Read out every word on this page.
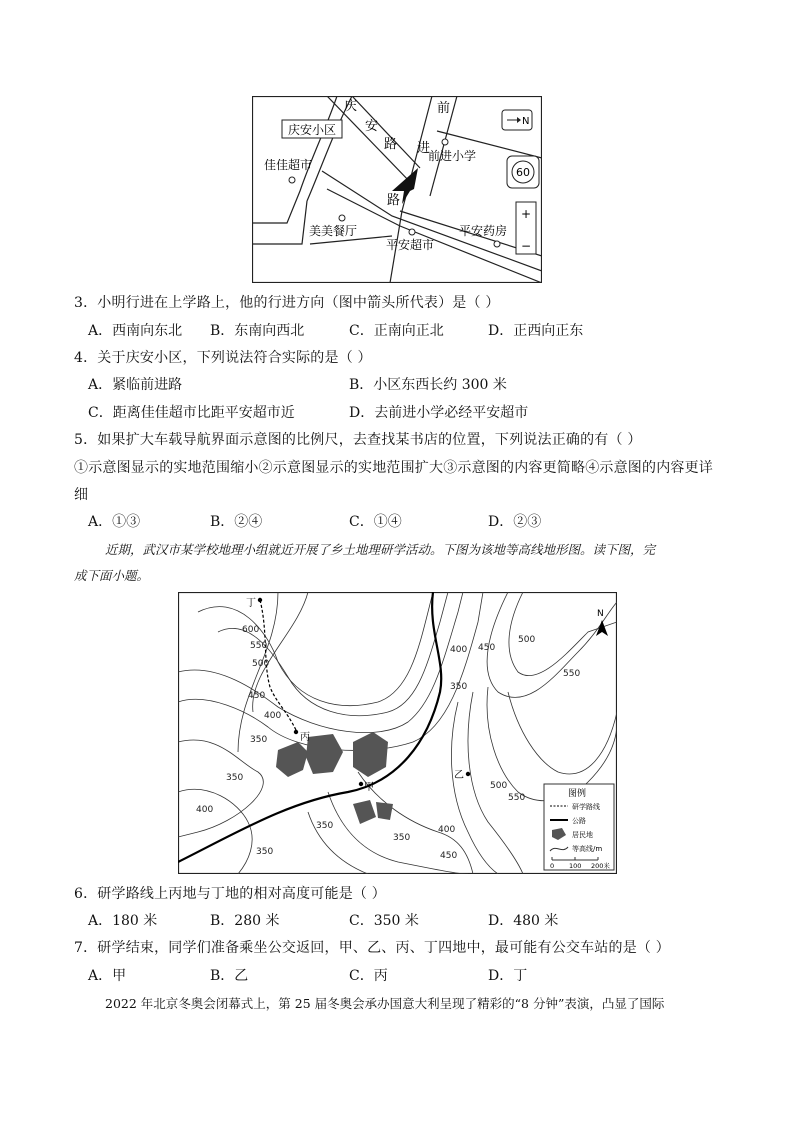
庆安小区
庆
安
路
前
进
路
佳佳超市
前进小学
美美餐厅
平安超市
平安药房
N
60
+
−
3．小明行进在上学路上，他的行进方向（图中箭头所代表）是（ ）
A．西南向东北 B．东南向西北	C．正南向正北	D．正西向正东
4．关于庆安小区，下列说法符合实际的是（ ）
A．紧临前进路	B．小区东西长约 300 米
C．距离佳佳超市比距平安超市近	D．去前进小学必经平安超市
5．如果扩大车载导航界面示意图的比例尺，去查找某书店的位置，下列说法正确的有（ ）
①示意图显示的实地范围缩小②示意图显示的实地范围扩大③示意图的内容更简略④示意图的内容更详
细
A．①③	B．②④	C．①④	D．②③
近期，武汉市某学校地理小组就近开展了乡土地理研学活动。下图为该地等高线地形图。读下图，完
成下面小题。
丁
丙
甲
乙
600
550
500
450
400
350
350
400
450
500
550
400
350
350
350
400
450
500
550
350
N
图例
研学路线
公路
居民地
等高线/m
0 100 200米
6．研学路线上丙地与丁地的相对高度可能是（ ）
A．180 米	B．280 米	C．350 米	D．480 米
7．研学结束，同学们准备乘坐公交返回，甲、乙、丙、丁四地中，最可能有公交车站的是（ ）
A．甲	B．乙	C．丙	D．丁
2022 年北京冬奥会闭幕式上，第 25 届冬奥会承办国意大利呈现了精彩的“8 分钟”表演，凸显了国际
